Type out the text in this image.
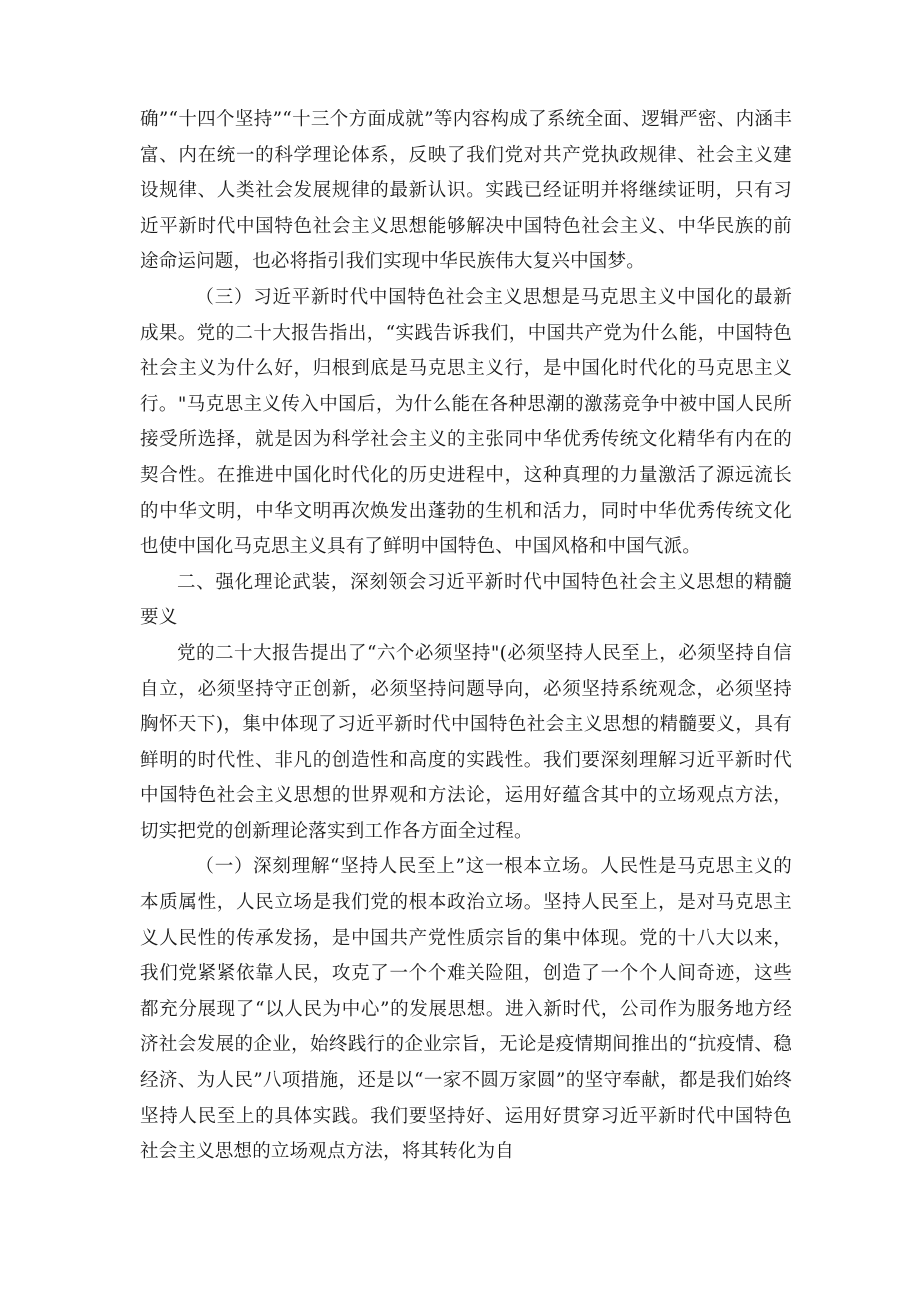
确”“十四个坚持”“十三个方面成就”等内容构成了系统全面、逻辑严密、内涵丰富、内在统一的科学理论体系，反映了我们党对共产党执政规律、社会主义建设规律、人类社会发展规律的最新认识。实践已经证明并将继续证明，只有习近平新时代中国特色社会主义思想能够解决中国特色社会主义、中华民族的前途命运问题，也必将指引我们实现中华民族伟大复兴中国梦。

（三）习近平新时代中国特色社会主义思想是马克思主义中国化的最新成果。党的二十大报告指出，“实践告诉我们，中国共产党为什么能，中国特色社会主义为什么好，归根到底是马克思主义行，是中国化时代化的马克思主义行。"马克思主义传入中国后，为什么能在各种思潮的激荡竞争中被中国人民所接受所选择，就是因为科学社会主义的主张同中华优秀传统文化精华有内在的契合性。在推进中国化时代化的历史进程中，这种真理的力量激活了源远流长的中华文明，中华文明再次焕发出蓬勃的生机和活力，同时中华优秀传统文化也使中国化马克思主义具有了鲜明中国特色、中国风格和中国气派。

二、强化理论武装，深刻领会习近平新时代中国特色社会主义思想的精髓要义

党的二十大报告提出了“六个必须坚持"(必须坚持人民至上，必须坚持自信自立，必须坚持守正创新，必须坚持问题导向，必须坚持系统观念，必须坚持胸怀天下)，集中体现了习近平新时代中国特色社会主义思想的精髓要义，具有鲜明的时代性、非凡的创造性和高度的实践性。我们要深刻理解习近平新时代中国特色社会主义思想的世界观和方法论，运用好蕴含其中的立场观点方法，切实把党的创新理论落实到工作各方面全过程。

（一）深刻理解“坚持人民至上”这一根本立场。人民性是马克思主义的本质属性，人民立场是我们党的根本政治立场。坚持人民至上，是对马克思主义人民性的传承发扬，是中国共产党性质宗旨的集中体现。党的十八大以来，我们党紧紧依靠人民，攻克了一个个难关险阻，创造了一个个人间奇迹，这些都充分展现了“以人民为中心”的发展思想。进入新时代，公司作为服务地方经济社会发展的企业，始终践行的企业宗旨，无论是疫情期间推出的“抗疫情、稳经济、为人民”八项措施，还是以“一家不圆万家圆”的坚守奉献，都是我们始终坚持人民至上的具体实践。我们要坚持好、运用好贯穿习近平新时代中国特色社会主义思想的立场观点方法，将其转化为自
